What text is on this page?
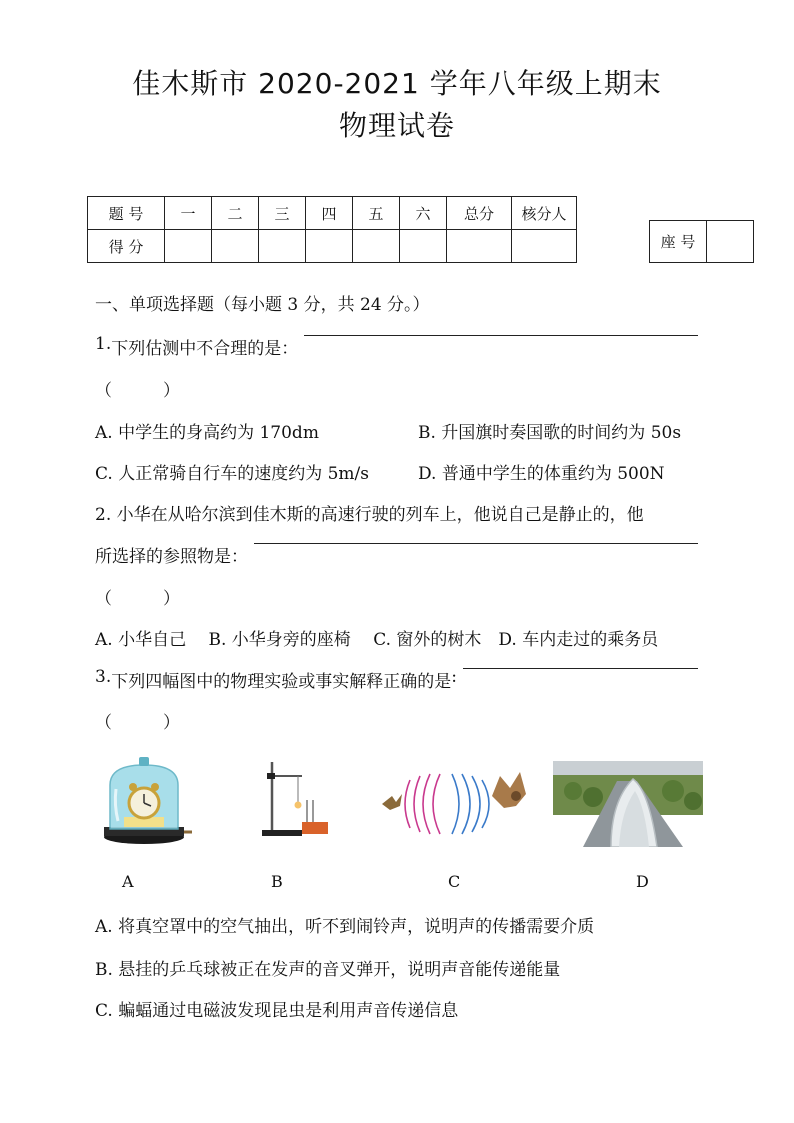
佳木斯市 2020-2021 学年八年级上期末
物理试卷
题 号	一	二	三	四	五	六	总分	核分人
得 分									座 号	
一、单项选择题（每小题 3 分，共 24 分。）
1. 下 列 估 测 中 不 合 理 的 是 ：
（　　　）
A. 中学生的身高约为 170dm	B. 升国旗时奏国歌的时间约为 50s
C. 人正常骑自行车的速度约为 5m/s	D. 普通中学生的体重约为 500N
2. 小华在从哈尔滨到佳木斯的高速行驶的列车上，他说自己是静止的，他
所 选 择 的 参 照 物 是 ：
（　　　）
A. 小华自己　 B. 小华身旁的座椅　 C. 窗外的树木　D. 车内走过的乘务员
3. 下 列 四 幅 图 中 的 物 理 实 验 或 事 实 解 释 正 确 的 是 :
（　　　）
A	B	C	D
A. 将真空罩中的空气抽出，听不到闹铃声，说明声的传播需要介质
B. 悬挂的乒乓球被正在发声的音叉弹开，说明声音能传递能量
C. 蝙蝠通过电磁波发现昆虫是利用声音传递信息
